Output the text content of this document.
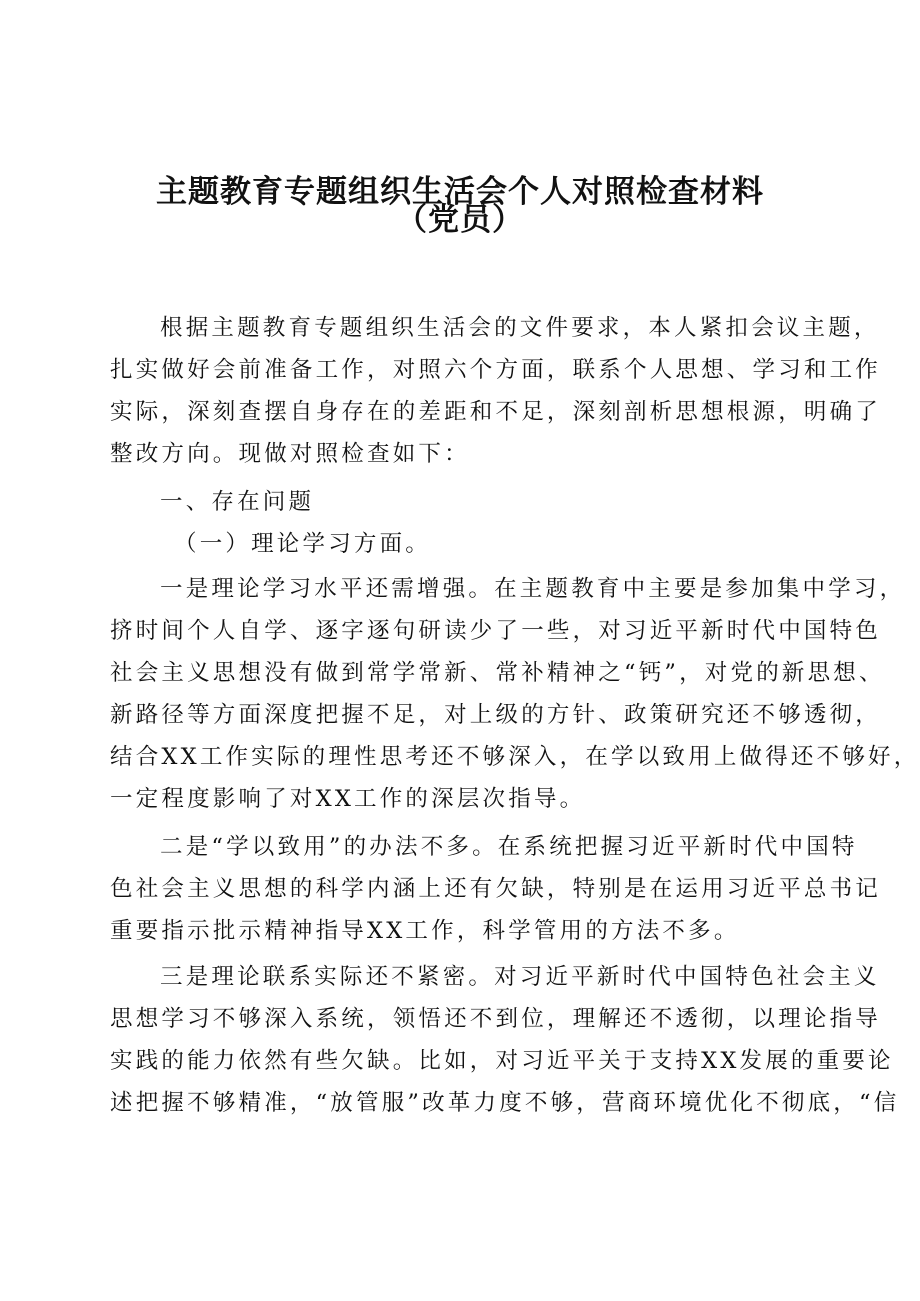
主题教育专题组织生活会个人对照检查材料
（党员）
根据主题教育专题组织生活会的文件要求，本人紧扣会议主题，
扎实做好会前准备工作，对照六个方面，联系个人思想、学习和工作
实际，深刻查摆自身存在的差距和不足，深刻剖析思想根源，明确了
整改方向。现做对照检查如下：
一、存在问题
（一）理论学习方面。
一是理论学习水平还需增强。在主题教育中主要是参加集中学习，
挤时间个人自学、逐字逐句研读少了一些，对习近平新时代中国特色
社会主义思想没有做到常学常新、常补精神之“钙”，对党的新思想、
新路径等方面深度把握不足，对上级的方针、政策研究还不够透彻，
结合XX工作实际的理性思考还不够深入，在学以致用上做得还不够好，
一定程度影响了对XX工作的深层次指导。
二是“学以致用”的办法不多。在系统把握习近平新时代中国特
色社会主义思想的科学内涵上还有欠缺，特别是在运用习近平总书记
重要指示批示精神指导XX工作，科学管用的方法不多。
三是理论联系实际还不紧密。对习近平新时代中国特色社会主义
思想学习不够深入系统，领悟还不到位，理解还不透彻，以理论指导
实践的能力依然有些欠缺。比如，对习近平关于支持XX发展的重要论
述把握不够精准，“放管服”改革力度不够，营商环境优化不彻底，“信
